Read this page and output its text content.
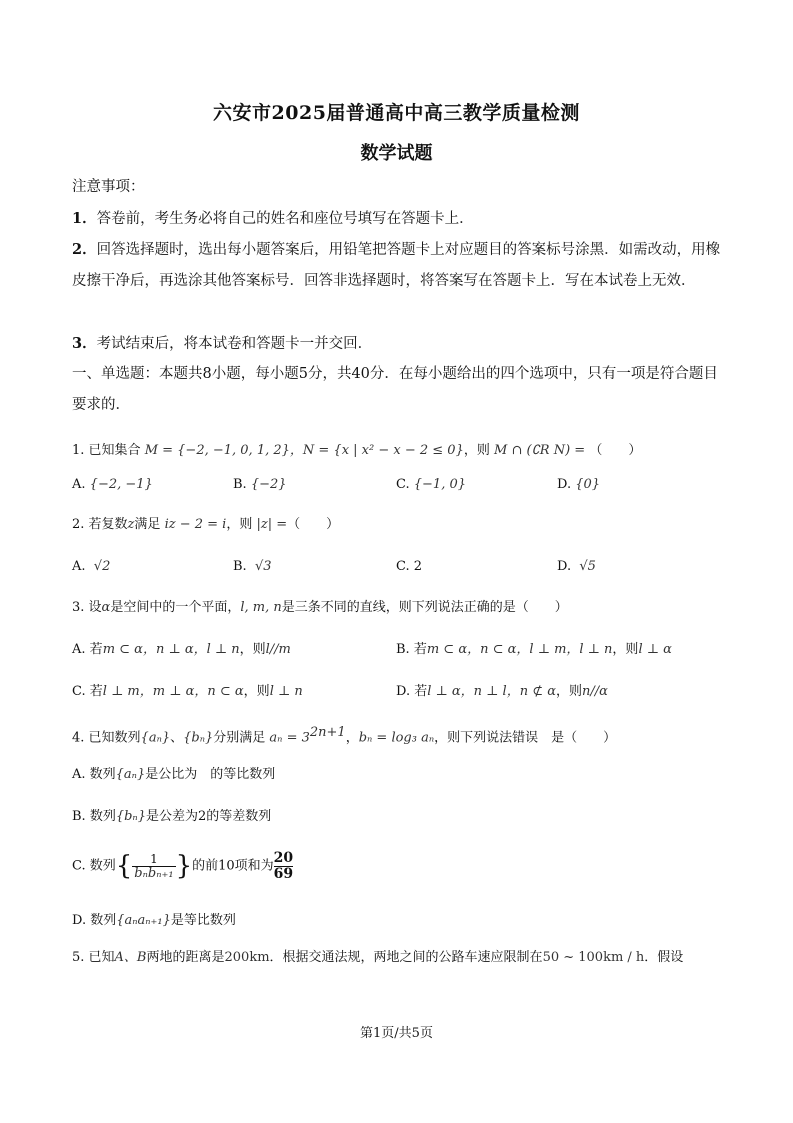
六安市2025届普通高中高三教学质量检测
数学试题
注意事项：
1．答卷前，考生务必将自己的姓名和座位号填写在答题卡上．
2．回答选择题时，选出每小题答案后，用铅笔把答题卡上对应题目的答案标号涂黑．如需改动，用橡皮擦干净后，再选涂其他答案标号．回答非选择题时，将答案写在答题卡上．写在本试卷上无效．
3．考试结束后，将本试卷和答题卡一并交回．
一、单选题：本题共8小题，每小题5分，共40分．在每小题给出的四个选项中，只有一项是符合题目要求的．
1. 已知集合 M = {−2, −1, 0, 1, 2}，N = {x | x² − x − 2 ≤ 0}，则 M ∩ (∁R N) = （　　）
A. {−2, −1}	B. {−2}	C. {−1, 0}	D. {0}
2. 若复数z满足 iz − 2 = i，则 |z| =（　　）
A. √2	B. √3	C. 2	D. √5
3. 设α是空间中的一个平面，l, m, n是三条不同的直线，则下列说法正确的是（　　）
A. 若m ⊂ α，n ⊥ α，l ⊥ n，则l//m	B. 若m ⊂ α，n ⊂ α，l ⊥ m，l ⊥ n，则l ⊥ α
C. 若l ⊥ m，m ⊥ α，n ⊂ α，则l ⊥ n	D. 若l ⊥ α，n ⊥ l，n ⊄ α，则n//α
4. 已知数列{aₙ}、{bₙ}分别满足 $a_n = 3^{2n+1}$，bₙ = log₃ aₙ，则下列说法错误　是（　　）
A. 数列{aₙ}是公比为　的等比数列
B. 数列{bₙ}是公差为2的等差数列
C. 数列{ $\frac{1}{\text{bₙbₙ₊₁}}$ }的前10项和为 $\frac{20}{69}$
D. 数列{aₙaₙ₊₁}是等比数列
5. 已知A、B两地的距离是200km．根据交通法规，两地之间的公路车速应限制在50 ~ 100km / h．假设
第1页/共5页
